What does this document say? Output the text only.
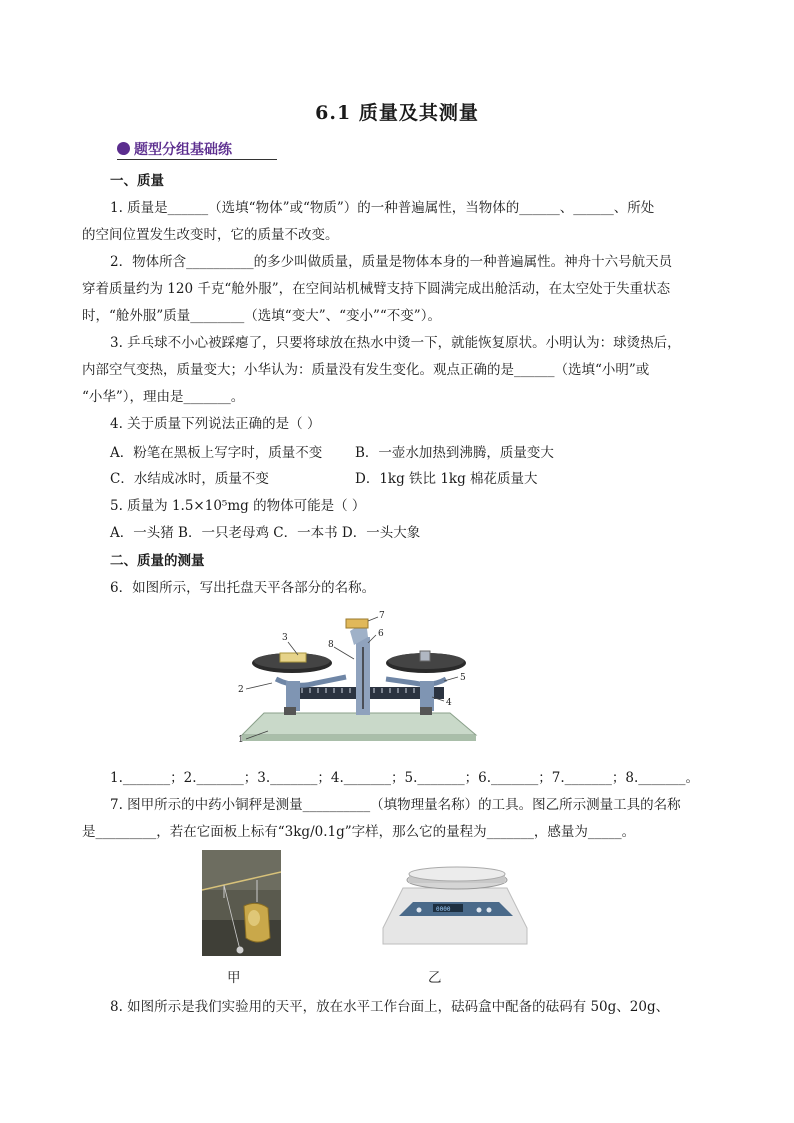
6.1 质量及其测量
题型分组基础练
一、质量
1. 质量是______（选填“物体”或“物质”）的一种普遍属性，当物体的______、______、所处
的空间位置发生改变时，它的质量不改变。
2．物体所含__________的多少叫做质量，质量是物体本身的一种普遍属性。神舟十六号航天员
穿着质量约为 120 千克“舱外服”，在空间站机械臂支持下圆满完成出舱活动，在太空处于失重状态
时，“舱外服”质量________（选填“变大”、“变小”“不变”）。
3. 乒乓球不小心被踩瘪了，只要将球放在热水中烫一下，就能恢复原状。小明认为：球烫热后，
内部空气变热，质量变大；小华认为：质量没有发生变化。观点正确的是______（选填“小明”或
“小华”），理由是_______。
4. 关于质量下列说法正确的是（ ）
A．粉笔在黑板上写字时，质量不变 B．一壶水加热到沸腾，质量变大
C．水结成冰时，质量不变	D．1kg 铁比 1kg 棉花质量大
5. 质量为 1.5×10⁵mg 的物体可能是（ ）
A．一头猪 B．一只老母鸡 C．一本书 D．一头大象
二、质量的测量
6．如图所示，写出托盘天平各部分的名称。
1
2
3
4
5
6
7
8
1._______；2._______；3._______；4._______；5._______；6._______；7._______；8._______。
7. 图甲所示的中药小铜秤是测量__________（填物理量名称）的工具。图乙所示测量工具的名称
是_________，若在它面板上标有“3kg/0.1g”字样，那么它的量程为_______，感量为_____。
0000
甲	乙
8. 如图所示是我们实验用的天平，放在水平工作台面上，砝码盒中配备的砝码有 50g、20g、
